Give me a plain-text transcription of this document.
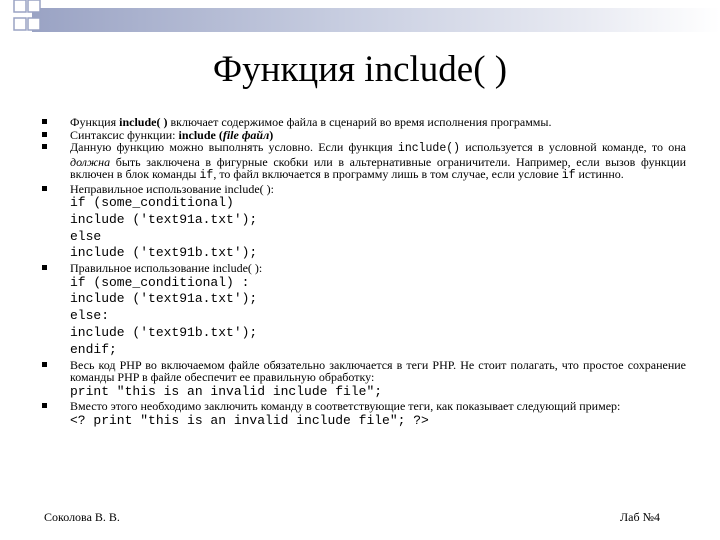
Функция include( )
Функция include( ) включает содержимое файла в сценарий во время исполнения программы.
Синтаксис функции: include (file файл)
Данную функцию можно выполнять условно. Если функция include() используется в условной команде, то она должна быть заключена в фигурные скобки или в альтернативные ограничители. Например, если вызов функции включен в блок команды if, то файл включается в программу лишь в том случае, если условие if истинно.
Неправильное использование include( ):
if (some_conditional)
include ('text91a.txt');
else
include ('text91b.txt');
Правильное использование include( ):
if (some_conditional) :
include ('text91a.txt');
else:
include ('text91b.txt');
endif;
Весь код PHP во включаемом файле обязательно заключается в теги PHP. Не стоит полагать, что простое сохранение команды PHP в файле обеспечит ее правильную обработку:
print "this is an invalid include file";
Вместо этого необходимо заключить команду в соответствующие теги, как показывает следующий пример:
<? print "this is an invalid include file"; ?>
Соколова В. В.	Лаб №4
